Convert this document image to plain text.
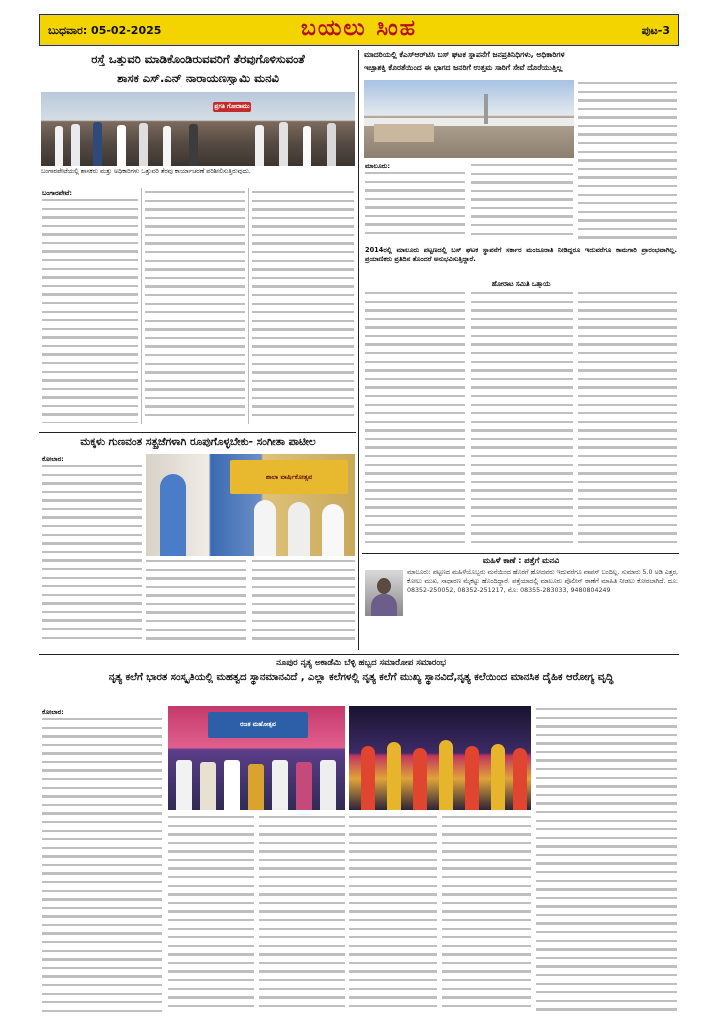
ಬುಧವಾರ: 05-02-2025	ಬಯಲು ಸಿಂಹ	ಪುಟ-3
ರಸ್ತೆ ಒತ್ತುವರಿ ಮಾಡಿಕೊಂಡಿರುವವರಿಗೆ ತೆರವುಗೊಳಿಸುವಂತೆ
ಶಾಸಕ ಎಸ್.ಎನ್ ನಾರಾಯಣಸ್ವಾಮಿ ಮನವಿ
ಪ್ರಗತಿ ಗೋದಾಮು
ಬಂಗಾರಪೇಟೆಯಲ್ಲಿ ಶಾಸಕರು ಮತ್ತು ಅಧಿಕಾರಿಗಳು ಒತ್ತುವರಿ ತೆರವು ಕಾರ್ಯಾಚರಣೆ ಪರಿಶೀಲಿಸುತ್ತಿರುವುದು.
ಬಂಗಾರಪೇಟೆ:
ಮಕ್ಕಳು ಗುಣವಂತ ಸತ್ಪ್ರಜೆಗಳಾಗಿ ರೂಪುಗೊಳ್ಳಬೇಕು- ಸಂಗೀತಾ ಪಾಟೀಲ
ಕೋಲಾರ:
ಶಾಲಾ ವಾರ್ಷಿಕೋತ್ಸವ
ಮಾದರಿಯಲ್ಲಿ ಕೆಎಸ್‌ಆರ್‌ಟಿಸಿ ಬಸ್ ಘಟಕ ಸ್ಥಾಪನೆಗೆ ಜನಪ್ರತಿನಿಧಿಗಳು, ಅಧಿಕಾರಿಗಳ
ಇಚ್ಛಾಶಕ್ತಿ ಕೊರತೆಯಿಂದ ಈ ಭಾಗದ ಜನರಿಗೆ ಉತ್ತಮ ಸಾರಿಗೆ ಸೇವೆ ದೊರೆಯುತ್ತಿಲ್ಲ
ಮಾಲೂರು:
2014ರಲ್ಲಿ ಮಾಲೂರು ಪಟ್ಟಣದಲ್ಲಿ ಬಸ್ ಘಟಕ ಸ್ಥಾಪನೆಗೆ ಸರ್ಕಾರ ಮಂಜೂರಾತಿ ನೀಡಿದ್ದರೂ ಇದುವರೆಗೂ ಕಾಮಗಾರಿ ಪ್ರಾರಂಭವಾಗಿಲ್ಲ. ಪ್ರಯಾಣಿಕರು ಪ್ರತಿದಿನ ತೊಂದರೆ ಅನುಭವಿಸುತ್ತಿದ್ದಾರೆ.
ಹೋರಾಟ ಸಮಿತಿ ಒತ್ತಾಯ
ಮಹಿಳೆ ಕಾಣೆ : ಪತ್ತೆಗೆ ಮನವಿ
ಮಾಲೂರು: ಪಟ್ಟಣದ ಮಹಿಳೆಯೊಬ್ಬರು ಮನೆಯಿಂದ ಹೊರಗೆ ಹೋದವರು ಇದುವರೆಗೂ ವಾಪಸ್ ಬಂದಿಲ್ಲ. ಸುಮಾರು 5.0 ಅಡಿ ಎತ್ತರ, ಕೋಲು ಮುಖ, ಸಾಧಾರಣ ಮೈಕಟ್ಟು ಹೊಂದಿದ್ದಾರೆ. ಪತ್ತೆಯಾದಲ್ಲಿ ಮಾಲೂರು ಪೊಲೀಸ್ ಠಾಣೆಗೆ ಮಾಹಿತಿ ನೀಡಲು ಕೋರಲಾಗಿದೆ. ದೂ: 08352-250052, 08352-251217, ಮೊ: 08355-283033, 9480804249
ನೂಪುರ ನೃತ್ಯ ಅಕಾಡೆಮಿ ಬೆಳ್ಳಿ ಹಬ್ಬದ ಸಮಾರೋಪ ಸಮಾರಂಭ
ನೃತ್ಯ ಕಲೆಗೆ ಭಾರತ ಸಂಸ್ಕೃತಿಯಲ್ಲಿ ಮಹತ್ವದ ಸ್ಥಾನಮಾನವಿದೆ , ಎಲ್ಲಾ ಕಲೆಗಳಲ್ಲಿ ನೃತ್ಯ ಕಲೆಗೆ ಮುಖ್ಯ ಸ್ಥಾನವಿದೆ,ನೃತ್ಯ ಕಲೆಯಿಂದ ಮಾನಸಿಕ ದೈಹಿಕ ಆರೋಗ್ಯ ವೃದ್ಧಿ
ಕೋಲಾರ:
ರಜತ ಮಹೋತ್ಸವ
